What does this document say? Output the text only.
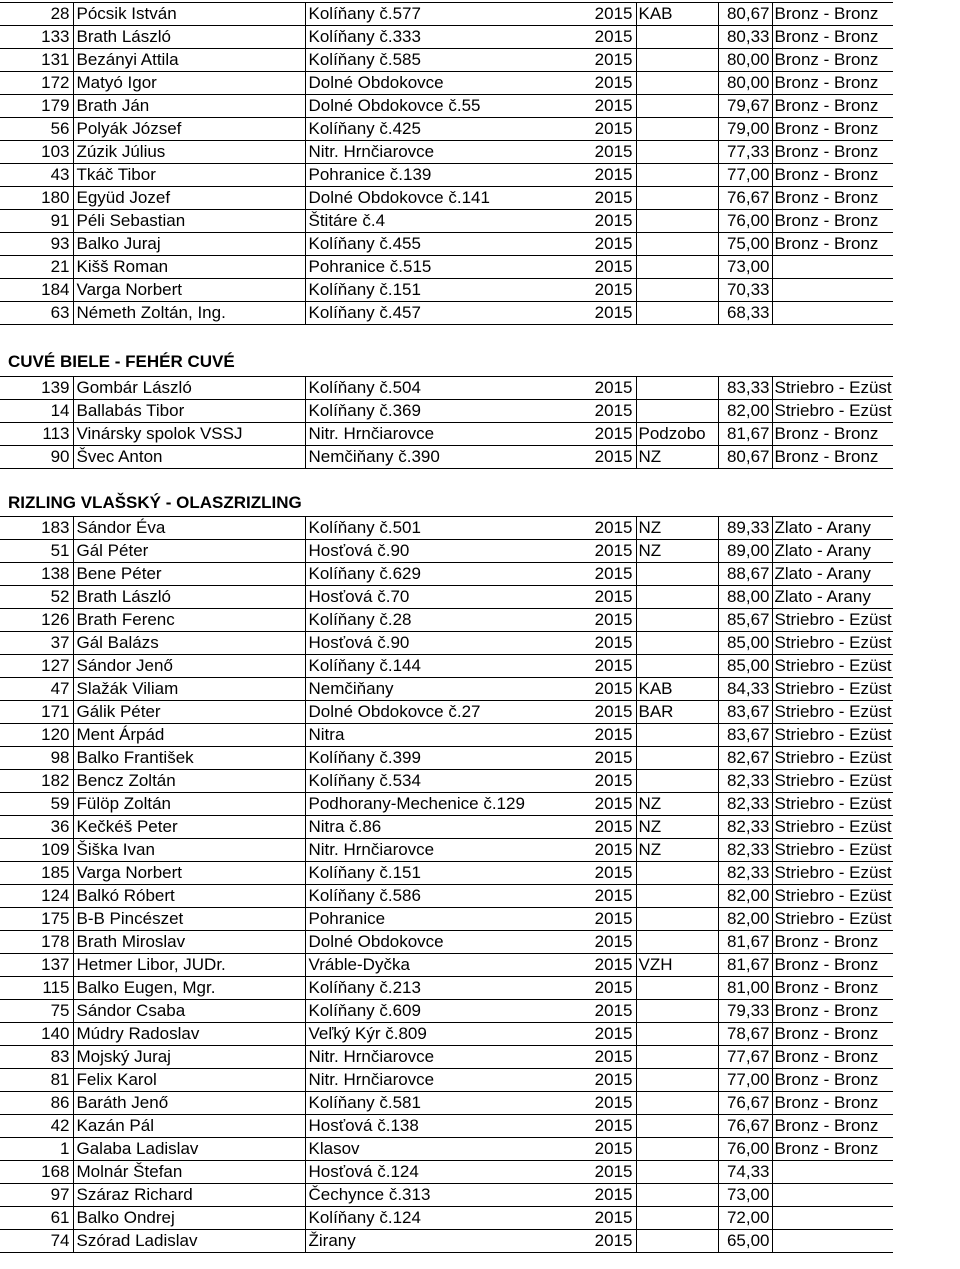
28	Pócsik István	Kolíňany č.577	2015	KAB	80,67	Bronz - Bronz
133	Brath László	Kolíňany č.333	2015		80,33	Bronz - Bronz
131	Bezányi Attila	Kolíňany č.585	2015		80,00	Bronz - Bronz
172	Matyó Igor	Dolné Obdokovce	2015		80,00	Bronz - Bronz
179	Brath Ján	Dolné Obdokovce č.55	2015		79,67	Bronz - Bronz
56	Polyák József	Kolíňany č.425	2015		79,00	Bronz - Bronz
103	Zúzik Július	Nitr. Hrnčiarovce	2015		77,33	Bronz - Bronz
43	Tkáč Tibor	Pohranice č.139	2015		77,00	Bronz - Bronz
180	Együd Jozef	Dolné Obdokovce č.141	2015		76,67	Bronz - Bronz
91	Péli Sebastian	Štitáre č.4	2015		76,00	Bronz - Bronz
93	Balko Juraj	Kolíňany č.455	2015		75,00	Bronz - Bronz
21	Kišš Roman	Pohranice č.515	2015		73,00	
184	Varga Norbert	Kolíňany č.151	2015		70,33	
63	Németh Zoltán, Ing.	Kolíňany č.457	2015		68,33	
CUVÉ BIELE - FEHÉR CUVÉ
139	Gombár László	Kolíňany č.504	2015		83,33	Striebro - Ezüst
14	Ballabás Tibor	Kolíňany č.369	2015		82,00	Striebro - Ezüst
113	Vinársky spolok VSSJ	Nitr. Hrnčiarovce	2015	Podzobo	81,67	Bronz - Bronz
90	Švec Anton	Nemčiňany č.390	2015	NZ	80,67	Bronz - Bronz
RIZLING VLAŠSKÝ - OLASZRIZLING
183	Sándor Éva	Kolíňany č.501	2015	NZ	89,33	Zlato - Arany
51	Gál Péter	Hosťová č.90	2015	NZ	89,00	Zlato - Arany
138	Bene Péter	Kolíňany č.629	2015		88,67	Zlato - Arany
52	Brath László	Hosťová č.70	2015		88,00	Zlato - Arany
126	Brath Ferenc	Kolíňany č.28	2015		85,67	Striebro - Ezüst
37	Gál Balázs	Hosťová č.90	2015		85,00	Striebro - Ezüst
127	Sándor Jenő	Kolíňany č.144	2015		85,00	Striebro - Ezüst
47	Slažák Viliam	Nemčiňany	2015	KAB	84,33	Striebro - Ezüst
171	Gálik Péter	Dolné Obdokovce č.27	2015	BAR	83,67	Striebro - Ezüst
120	Ment Árpád	Nitra	2015		83,67	Striebro - Ezüst
98	Balko František	Kolíňany č.399	2015		82,67	Striebro - Ezüst
182	Bencz Zoltán	Kolíňany č.534	2015		82,33	Striebro - Ezüst
59	Fülöp Zoltán	Podhorany-Mechenice č.129	2015	NZ	82,33	Striebro - Ezüst
36	Kečkéš Peter	Nitra č.86	2015	NZ	82,33	Striebro - Ezüst
109	Šiška Ivan	Nitr. Hrnčiarovce	2015	NZ	82,33	Striebro - Ezüst
185	Varga Norbert	Kolíňany č.151	2015		82,33	Striebro - Ezüst
124	Balkó Róbert	Kolíňany č.586	2015		82,00	Striebro - Ezüst
175	B-B Pincészet	Pohranice	2015		82,00	Striebro - Ezüst
178	Brath Miroslav	Dolné Obdokovce	2015		81,67	Bronz - Bronz
137	Hetmer Libor, JUDr.	Vráble-Dyčka	2015	VZH	81,67	Bronz - Bronz
115	Balko Eugen, Mgr.	Kolíňany č.213	2015		81,00	Bronz - Bronz
75	Sándor Csaba	Kolíňany č.609	2015		79,33	Bronz - Bronz
140	Múdry Radoslav	Veľký Kýr č.809	2015		78,67	Bronz - Bronz
83	Mojský Juraj	Nitr. Hrnčiarovce	2015		77,67	Bronz - Bronz
81	Felix Karol	Nitr. Hrnčiarovce	2015		77,00	Bronz - Bronz
86	Baráth Jenő	Kolíňany č.581	2015		76,67	Bronz - Bronz
42	Kazán Pál	Hosťová č.138	2015		76,67	Bronz - Bronz
1	Galaba Ladislav	Klasov	2015		76,00	Bronz - Bronz
168	Molnár Štefan	Hosťová č.124	2015		74,33	
97	Száraz Richard	Čechynce č.313	2015		73,00	
61	Balko Ondrej	Kolíňany č.124	2015		72,00	
74	Szórad Ladislav	Žirany	2015		65,00	
